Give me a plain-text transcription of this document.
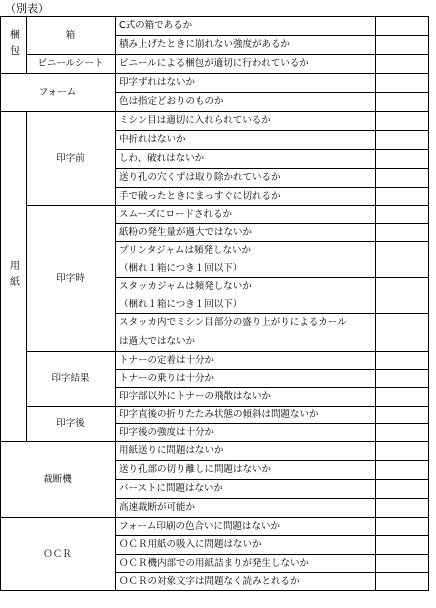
（別表）
梱包
フォーム
用紙
裁断機
ＯＣＲ
箱
ビニールシート
印字前
印字時
印字結果
印字後
C式の箱であるか
積み上げたときに崩れない強度があるか
ビニールによる梱包が適切に行われているか
印字ずれはないか
色は指定どおりのものか
ミシン目は適切に入れられているか
中折れはないか
しわ、破れはないか
送り孔の穴くずは取り除かれているか
手で破ったときにまっすぐに切れるか
スムーズにロードされるか
紙粉の発生量が過大ではないか
プリンタジャムは頻発しないか
（梱れ１箱につき１回以下）
スタッカジャムは頻発しないか
（梱れ１箱につき１回以下）
スタッカ内でミシン目部分の盛り上がりによるカール
は過大ではないか
トナーの定着は十分か
トナーの乗りは十分か
印字部以外にトナーの飛散はないか
印字直後の折りたたみ状態の傾斜は問題ないか
印字後の強度は十分か
用紙送りに問題はないか
送り孔部の切り離しに問題はないか
バーストに問題はないか
高速裁断が可能か
フォーム印刷の色合いに問題はないか
ＯＣＲ用紙の吸入に問題はないか
ＯＣＲ機内部での用紙詰まりが発生しないか
ＯＣＲの対象文字は問題なく読みとれるか
